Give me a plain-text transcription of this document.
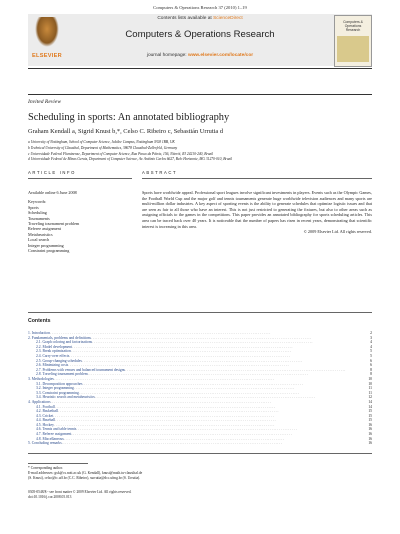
Computers & Operations Research 37 (2010) 1–19
ELSEVIER
Contents lists available at ScienceDirect
Computers & Operations Research
journal homepage: www.elsevier.com/locate/cor
Computers & Operations Research
Invited Review
Scheduling in sports: An annotated bibliography
Graham Kendall a, Sigrid Knust b,*, Celso C. Ribeiro c, Sebastián Urrutia d
a University of Nottingham, School of Computer Science, Jubilee Campus, Nottingham NG8 1BB, UK
b Technical University of Clausthal, Department of Mathematics, 38678 Clausthal-Zellerfeld, Germany
c Universidade Federal Fluminense, Department of Computer Science, Rua Passo da Pátria, 156, Niterói, RJ 24210-240, Brazil
d Universidade Federal de Minas Gerais, Department of Computer Science, Av. Antônio Carlos 6627, Belo Horizonte, MG 31270-010, Brazil
ARTICLE INFO	ABSTRACT
Available online 6 June 2008
Keywords:
Sports
Scheduling
Tournaments
Traveling tournament problem
Referee assignment
Metaheuristics
Local search
Integer programming
Constraint programming
Sports have worldwide appeal. Professional sport leagues involve significant investments in players. Events such as the Olympic Games, the Football World Cup and the major golf and tennis tournaments generate huge worldwide television audiences and many sports are multi-million dollar industries. A key aspect of sporting events is the ability to generate schedules that optimize logistic issues and that are seen as fair to all those who have an interest. This is not just restricted to generating the fixtures, but also to other areas such as assigning officials to the games in the competitions. This paper provides an annotated bibliography for sports scheduling articles. This area can be traced back over 40 years. It is noticeable that the number of papers has risen in recent years, demonstrating that scientific interest is increasing in this area.
© 2009 Elsevier Ltd. All rights reserved.
Contents
1.
Introduction . . . . . . . . . . . . . . . . . . . . . . . . . . . . . . . . . . . . . . . . . . . . . . . . . . . . . . . . . . . . . . . . . . . . . . . . . . . . . . . . . . . . . . . . . . . . . . . . . . . . . . . . . . . . . . . . . . . . . . . .	2
2.
Fundamentals, problems and definitions . . . . . . . . . . . . . . . . . . . . . . . . . . . . . . . . . . . . . . . . . . . . . . . . . . . . . . . . . . . . . . . . . . . . . . . . . . . . . . . . . . . . . . . . . . . . . . . . . . . . . . . . . . . . . . . . . . . . . . . .	3
2.1.
Graph coloring and factorizations . . . . . . . . . . . . . . . . . . . . . . . . . . . . . . . . . . . . . . . . . . . . . . . . . . . . . . . . . . . . . . . . . . . . . . . . . . . . . . . . . . . . . . . . . . . . . . . . . . . . . . . . . . . . . . . . . . . . . . . .	4
2.2.
Model development . . . . . . . . . . . . . . . . . . . . . . . . . . . . . . . . . . . . . . . . . . . . . . . . . . . . . . . . . . . . . . . . . . . . . . . . . . . . . . . . . . . . . . . . . . . . . . . . . . . . . . . . . . . . . . . . . . . . . . . .	4
2.3.
Break optimization . . . . . . . . . . . . . . . . . . . . . . . . . . . . . . . . . . . . . . . . . . . . . . . . . . . . . . . . . . . . . . . . . . . . . . . . . . . . . . . . . . . . . . . . . . . . . . . . . . . . . . . . . . . . . . . . . . . . . . . .	5
2.4.
Carry-over effects . . . . . . . . . . . . . . . . . . . . . . . . . . . . . . . . . . . . . . . . . . . . . . . . . . . . . . . . . . . . . . . . . . . . . . . . . . . . . . . . . . . . . . . . . . . . . . . . . . . . . . . . . . . . . . . . . . . . . . . .	5
2.5.
Group-changing schedules . . . . . . . . . . . . . . . . . . . . . . . . . . . . . . . . . . . . . . . . . . . . . . . . . . . . . . . . . . . . . . . . . . . . . . . . . . . . . . . . . . . . . . . . . . . . . . . . . . . . . . . . . . . . . . . . . . . . . . . .	6
2.6.
Minimizing costs . . . . . . . . . . . . . . . . . . . . . . . . . . . . . . . . . . . . . . . . . . . . . . . . . . . . . . . . . . . . . . . . . . . . . . . . . . . . . . . . . . . . . . . . . . . . . . . . . . . . . . . . . . . . . . . . . . . . . . . .	6
2.7.
Problems with venues and balanced tournament designs . . . . . . . . . . . . . . . . . . . . . . . . . . . . . . . . . . . . . . . . . . . . . . . . . . . . . . . . . . . . . . . . . . . . . . . . . . . . . . . . . . . . . . . . . . . . . . . . . . . . . . . . . . . . . . . . . . . . . . . .	8
2.8.
Traveling tournament problem . . . . . . . . . . . . . . . . . . . . . . . . . . . . . . . . . . . . . . . . . . . . . . . . . . . . . . . . . . . . . . . . . . . . . . . . . . . . . . . . . . . . . . . . . . . . . . . . . . . . . . . . . . . . . . . . . . . . . . . .	8
3.
Methodologies . . . . . . . . . . . . . . . . . . . . . . . . . . . . . . . . . . . . . . . . . . . . . . . . . . . . . . . . . . . . . . . . . . . . . . . . . . . . . . . . . . . . . . . . . . . . . . . . . . . . . . . . . . . . . . . . . . . . . . . .	10
3.1.
Decomposition approaches . . . . . . . . . . . . . . . . . . . . . . . . . . . . . . . . . . . . . . . . . . . . . . . . . . . . . . . . . . . . . . . . . . . . . . . . . . . . . . . . . . . . . . . . . . . . . . . . . . . . . . . . . . . . . . . . . . . . . . . .	10
3.2.
Integer programming . . . . . . . . . . . . . . . . . . . . . . . . . . . . . . . . . . . . . . . . . . . . . . . . . . . . . . . . . . . . . . . . . . . . . . . . . . . . . . . . . . . . . . . . . . . . . . . . . . . . . . . . . . . . . . . . . . . . . . . .	11
3.3.
Constraint programming . . . . . . . . . . . . . . . . . . . . . . . . . . . . . . . . . . . . . . . . . . . . . . . . . . . . . . . . . . . . . . . . . . . . . . . . . . . . . . . . . . . . . . . . . . . . . . . . . . . . . . . . . . . . . . . . . . . . . . . .	11
3.4.
Heuristic search and metaheuristics . . . . . . . . . . . . . . . . . . . . . . . . . . . . . . . . . . . . . . . . . . . . . . . . . . . . . . . . . . . . . . . . . . . . . . . . . . . . . . . . . . . . . . . . . . . . . . . . . . . . . . . . . . . . . . . . . . . . . . . .	12
4.
Applications . . . . . . . . . . . . . . . . . . . . . . . . . . . . . . . . . . . . . . . . . . . . . . . . . . . . . . . . . . . . . . . . . . . . . . . . . . . . . . . . . . . . . . . . . . . . . . . . . . . . . . . . . . . . . . . . . . . . . . . .	14
4.1.
Football . . . . . . . . . . . . . . . . . . . . . . . . . . . . . . . . . . . . . . . . . . . . . . . . . . . . . . . . . . . . . . . . . . . . . . . . . . . . . . . . . . . . . . . . . . . . . . . . . . . . . . . . . . . . . . . . . . . . . . . .	14
4.2.
Basketball . . . . . . . . . . . . . . . . . . . . . . . . . . . . . . . . . . . . . . . . . . . . . . . . . . . . . . . . . . . . . . . . . . . . . . . . . . . . . . . . . . . . . . . . . . . . . . . . . . . . . . . . . . . . . . . . . . . . . . . .	15
4.3.
Cricket . . . . . . . . . . . . . . . . . . . . . . . . . . . . . . . . . . . . . . . . . . . . . . . . . . . . . . . . . . . . . . . . . . . . . . . . . . . . . . . . . . . . . . . . . . . . . . . . . . . . . . . . . . . . . . . . . . . . . . . .	15
4.4.
Baseball . . . . . . . . . . . . . . . . . . . . . . . . . . . . . . . . . . . . . . . . . . . . . . . . . . . . . . . . . . . . . . . . . . . . . . . . . . . . . . . . . . . . . . . . . . . . . . . . . . . . . . . . . . . . . . . . . . . . . . . .	15
4.5.
Hockey . . . . . . . . . . . . . . . . . . . . . . . . . . . . . . . . . . . . . . . . . . . . . . . . . . . . . . . . . . . . . . . . . . . . . . . . . . . . . . . . . . . . . . . . . . . . . . . . . . . . . . . . . . . . . . . . . . . . . . . .	16
4.6.
Tennis and table tennis . . . . . . . . . . . . . . . . . . . . . . . . . . . . . . . . . . . . . . . . . . . . . . . . . . . . . . . . . . . . . . . . . . . . . . . . . . . . . . . . . . . . . . . . . . . . . . . . . . . . . . . . . . . . . . . . . . . . . . . .	16
4.7.
Referee assignment . . . . . . . . . . . . . . . . . . . . . . . . . . . . . . . . . . . . . . . . . . . . . . . . . . . . . . . . . . . . . . . . . . . . . . . . . . . . . . . . . . . . . . . . . . . . . . . . . . . . . . . . . . . . . . . . . . . . . . . .	16
4.8.
Miscellaneous . . . . . . . . . . . . . . . . . . . . . . . . . . . . . . . . . . . . . . . . . . . . . . . . . . . . . . . . . . . . . . . . . . . . . . . . . . . . . . . . . . . . . . . . . . . . . . . . . . . . . . . . . . . . . . . . . . . . . . . .	16
5.
Concluding remarks . . . . . . . . . . . . . . . . . . . . . . . . . . . . . . . . . . . . . . . . . . . . . . . . . . . . . . . . . . . . . . . . . . . . . . . . . . . . . . . . . . . . . . . . . . . . . . . . . . . . . . . . . . . . . . . . . . . . . . . .	16
* Corresponding author.
E-mail addresses: gxk@cs.nott.ac.uk (G. Kendall), knust@math.tu-clausthal.de
(S. Knust), celso@ic.uff.br (C.C. Ribeiro), surrutia@dcc.ufmg.br (S. Urrutia).
0305-0548/$ - see front matter © 2009 Elsevier Ltd. All rights reserved.
doi:10.1016/j.cor.2008.05.013
